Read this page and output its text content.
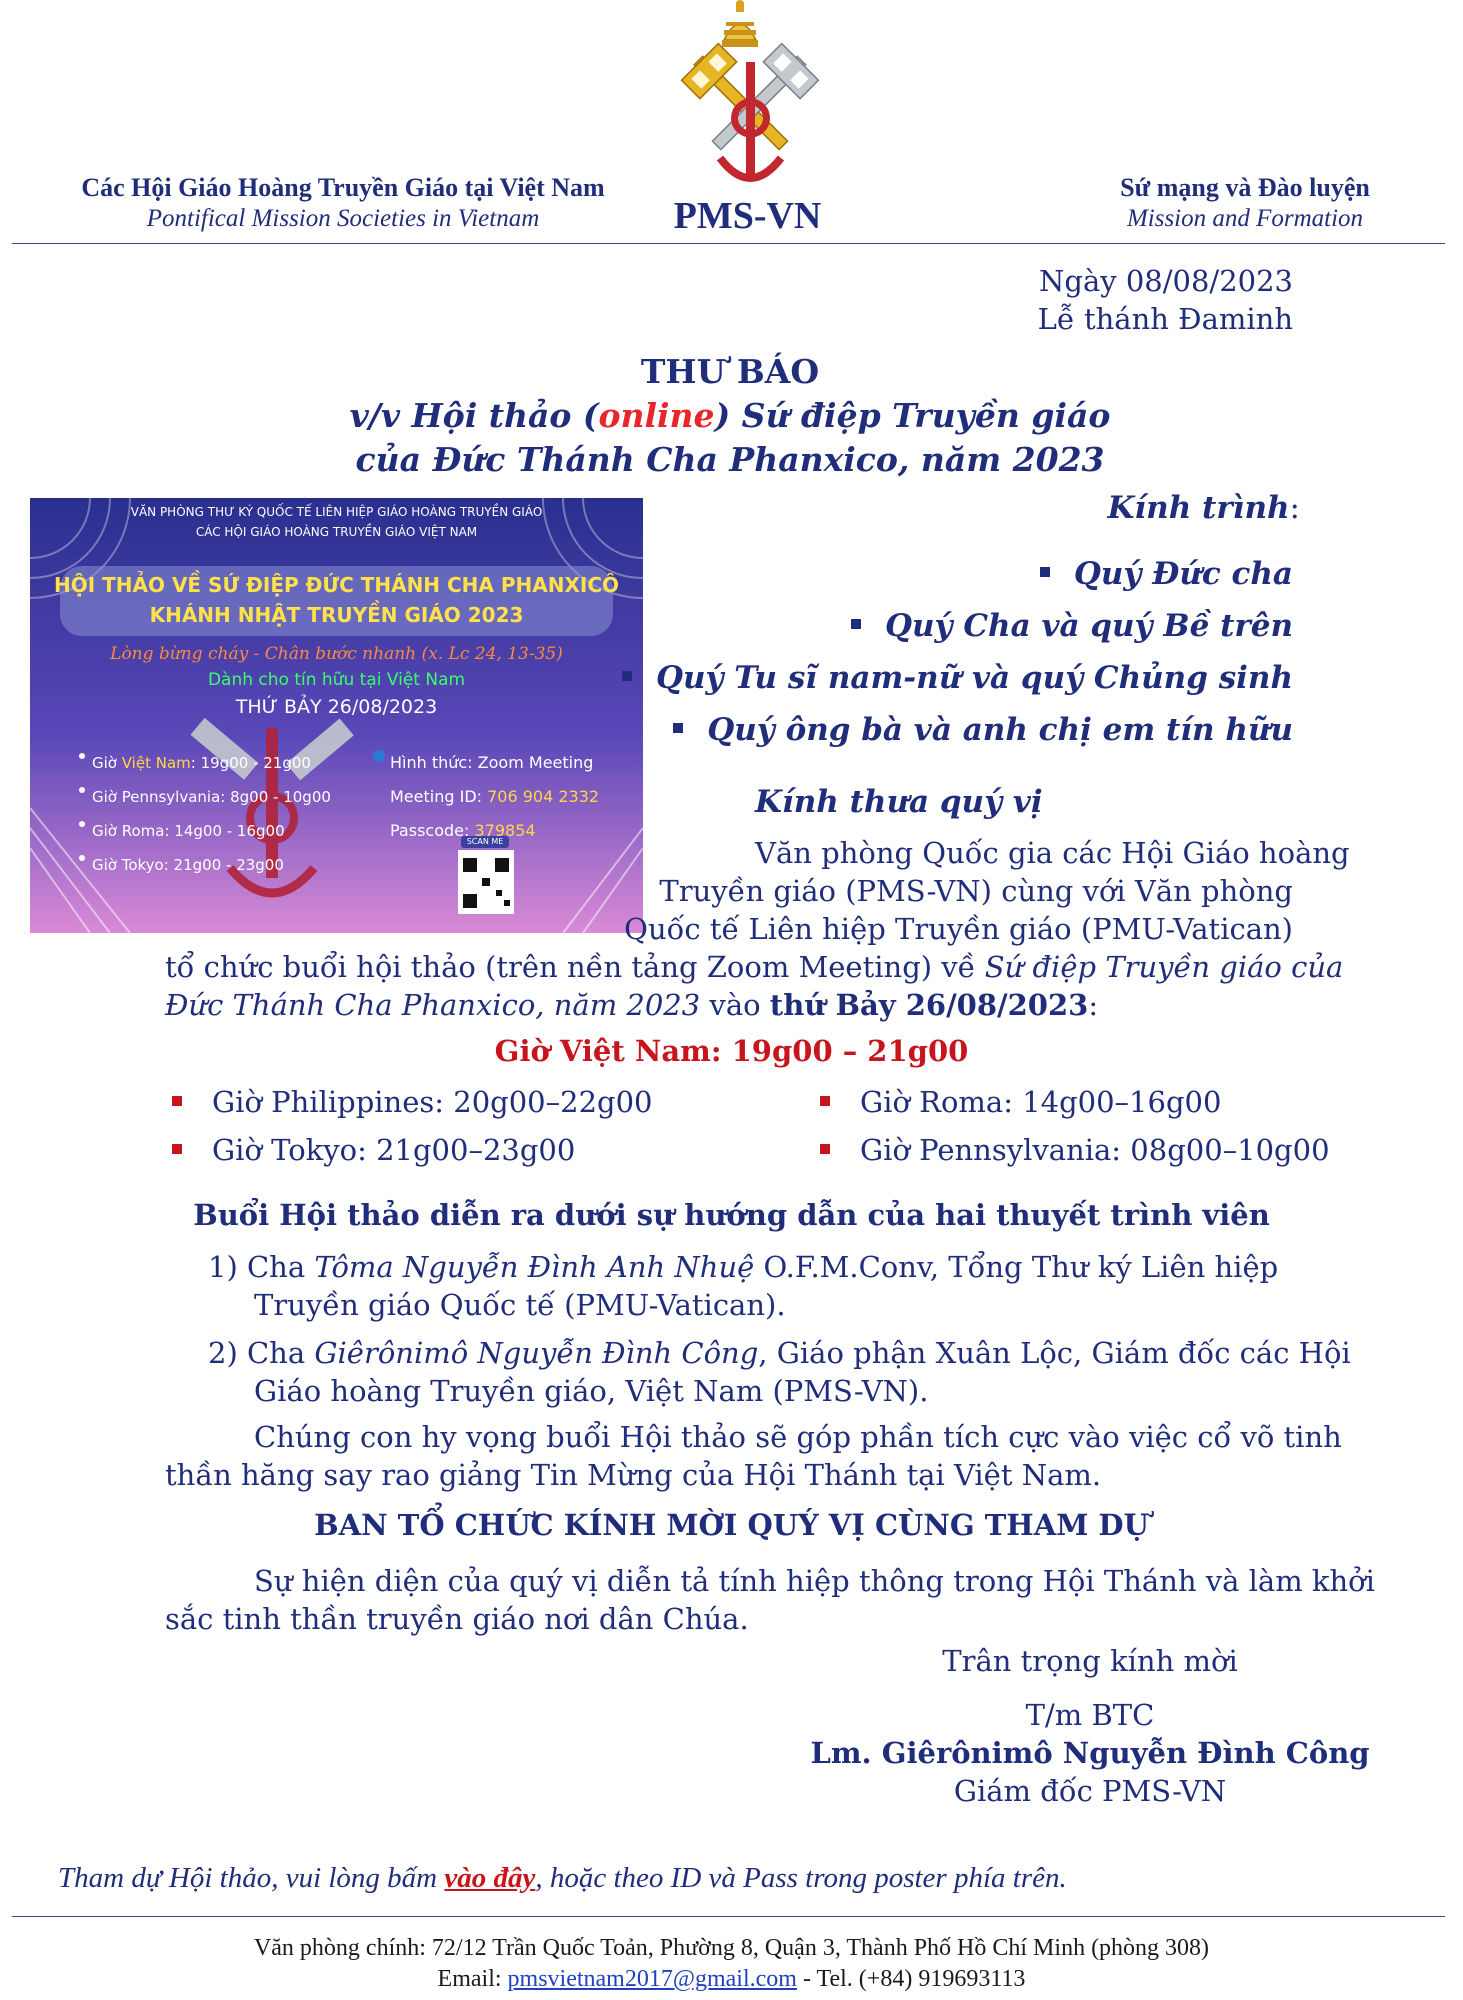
Các Hội Giáo Hoàng Truyền Giáo tại Việt Nam
Pontifical Mission Societies in Vietnam	PMS-VN
Sứ mạng và Đào luyện
Mission and Formation
Ngày 08/08/2023
Lễ thánh Đaminh
THƯ BÁO
v/v Hội thảo (online) Sứ điệp Truyền giáo
của Đức Thánh Cha Phanxico, năm 2023
VĂN PHÒNG THƯ KÝ QUỐC TẾ LIÊN HIỆP GIÁO HOÀNG TRUYỀN GIÁO
CÁC HỘI GIÁO HOÀNG TRUYỀN GIÁO VIỆT NAM
HỘI THẢO VỀ SỨ ĐIỆP ĐỨC THÁNH CHA PHANXICÔ
KHÁNH NHẬT TRUYỀN GIÁO 2023
Lòng bừng cháy - Chân bước nhanh (x. Lc 24, 13-35)
Dành cho tín hữu tại Việt Nam
THỨ BẢY 26/08/2023
Giờ Việt Nam: 19g00 - 21g00
Giờ Pennsylvania: 8g00 - 10g00
Giờ Roma: 14g00 - 16g00
Giờ Tokyo: 21g00 - 23g00
Hình thức: Zoom Meeting
Meeting ID: 706 904 2332
Passcode: 379854
SCAN ME
Kính trình:
Quý Đức cha
Quý Cha và quý Bề trên
Quý Tu sĩ nam-nữ và quý Chủng sinh
Quý ông bà và anh chị em tín hữu
Kính thưa quý vị
Văn phòng Quốc gia các Hội Giáo hoàng
Truyền giáo (PMS-VN) cùng với Văn phòng
Quốc tế Liên hiệp Truyền giáo (PMU-Vatican)
tổ chức buổi hội thảo (trên nền tảng Zoom Meeting) về Sứ điệp Truyền giáo của
Đức Thánh Cha Phanxico, năm 2023 vào thứ Bảy 26/08/2023:
Giờ Việt Nam: 19g00 – 21g00
Giờ Philippines: 20g00–22g00
Giờ Tokyo: 21g00–23g00
Giờ Roma: 14g00–16g00
Giờ Pennsylvania: 08g00–10g00
Buổi Hội thảo diễn ra dưới sự hướng dẫn của hai thuyết trình viên
1) Cha Tôma Nguyễn Đình Anh Nhuệ O.F.M.Conv, Tổng Thư ký Liên hiệp
Truyền giáo Quốc tế (PMU-Vatican).
2) Cha Giêrônimô Nguyễn Đình Công, Giáo phận Xuân Lộc, Giám đốc các Hội
Giáo hoàng Truyền giáo, Việt Nam (PMS-VN).
Chúng con hy vọng buổi Hội thảo sẽ góp phần tích cực vào việc cổ võ tinh
thần hăng say rao giảng Tin Mừng của Hội Thánh tại Việt Nam.
BAN TỔ CHỨC KÍNH MỜI QUÝ VỊ CÙNG THAM DỰ
Sự hiện diện của quý vị diễn tả tính hiệp thông trong Hội Thánh và làm khởi
sắc tinh thần truyền giáo nơi dân Chúa.
Trân trọng kính mời
T/m BTC
Lm. Giêrônimô Nguyễn Đình Công
Giám đốc PMS-VN
Tham dự Hội thảo, vui lòng bấm vào đây, hoặc theo ID và Pass trong poster phía trên.
Văn phòng chính: 72/12 Trần Quốc Toản, Phường 8, Quận 3, Thành Phố Hồ Chí Minh (phòng 308)
Email: pmsvietnam2017@gmail.com - Tel. (+84) 919693113
